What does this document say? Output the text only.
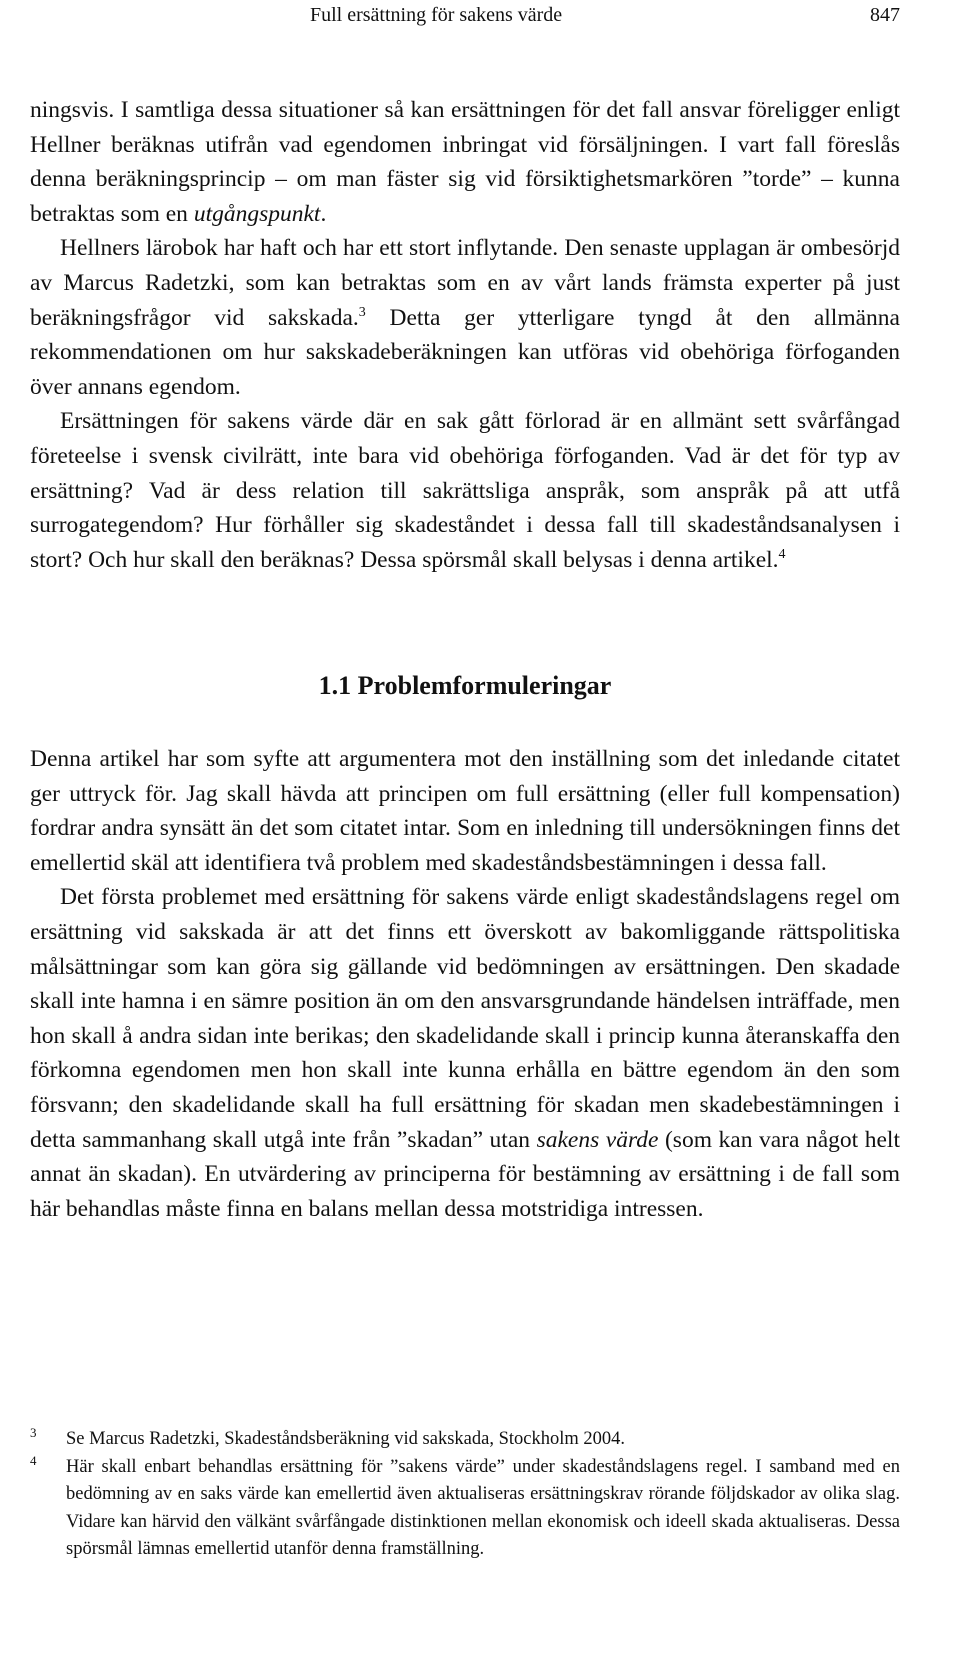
Full ersättning för sakens värde	847

ningsvis. I samtliga dessa situationer så kan ersättningen för det fall ansvar föreligger enligt Hellner beräknas utifrån vad egendomen inbringat vid försäljningen. I vart fall föreslås denna beräkningsprincip – om man fäster sig vid försiktighetsmarkören ”torde” – kunna betraktas som en utgångspunkt.

Hellners lärobok har haft och har ett stort inflytande. Den senaste upplagan är ombesörjd av Marcus Radetzki, som kan betraktas som en av vårt lands främsta experter på just beräkningsfrågor vid sakskada.$^3$ Detta ger ytterligare tyngd åt den allmänna rekommendationen om hur sakskadeberäkningen kan utföras vid obehöriga förfoganden över annans egendom.

Ersättningen för sakens värde där en sak gått förlorad är en allmänt sett svårfångad företeelse i svensk civilrätt, inte bara vid obehöriga förfoganden. Vad är det för typ av ersättning? Vad är dess relation till sakrättsliga anspråk, som anspråk på att utfå surrogategendom? Hur förhåller sig skadeståndet i dessa fall till skadeståndsanalysen i stort? Och hur skall den beräknas? Dessa spörsmål skall belysas i denna artikel.$^4$

1.1 Problemformuleringar

Denna artikel har som syfte att argumentera mot den inställning som det inledande citatet ger uttryck för. Jag skall hävda att principen om full ersättning (eller full kompensation) fordrar andra synsätt än det som citatet intar. Som en inledning till undersökningen finns det emellertid skäl att identifiera två problem med skadeståndsbestämningen i dessa fall.

Det första problemet med ersättning för sakens värde enligt skadeståndslagens regel om ersättning vid sakskada är att det finns ett överskott av bakomliggande rättspolitiska målsättningar som kan göra sig gällande vid bedömningen av ersättningen. Den skadade skall inte hamna i en sämre position än om den ansvarsgrundande händelsen inträffade, men hon skall å andra sidan inte berikas; den skadelidande skall i princip kunna återanskaffa den förkomna egendomen men hon skall inte kunna erhålla en bättre egendom än den som försvann; den skadelidande skall ha full ersättning för skadan men skadebestämningen i detta sammanhang skall utgå inte från ”skadan” utan sakens värde (som kan vara något helt annat än skadan). En utvärdering av principerna för bestämning av ersättning i de fall som här behandlas måste finna en balans mellan dessa motstridiga intressen.

3 Se Marcus Radetzki, Skadeståndsberäkning vid sakskada, Stockholm 2004.
4 Här skall enbart behandlas ersättning för ”sakens värde” under skadeståndslagens regel. I samband med en bedömning av en saks värde kan emellertid även aktualiseras ersättningskrav rörande följdskador av olika slag. Vidare kan härvid den välkänt svårfångade distinktionen mellan ekonomisk och ideell skada aktualiseras. Dessa spörsmål lämnas emellertid utanför denna framställning.
